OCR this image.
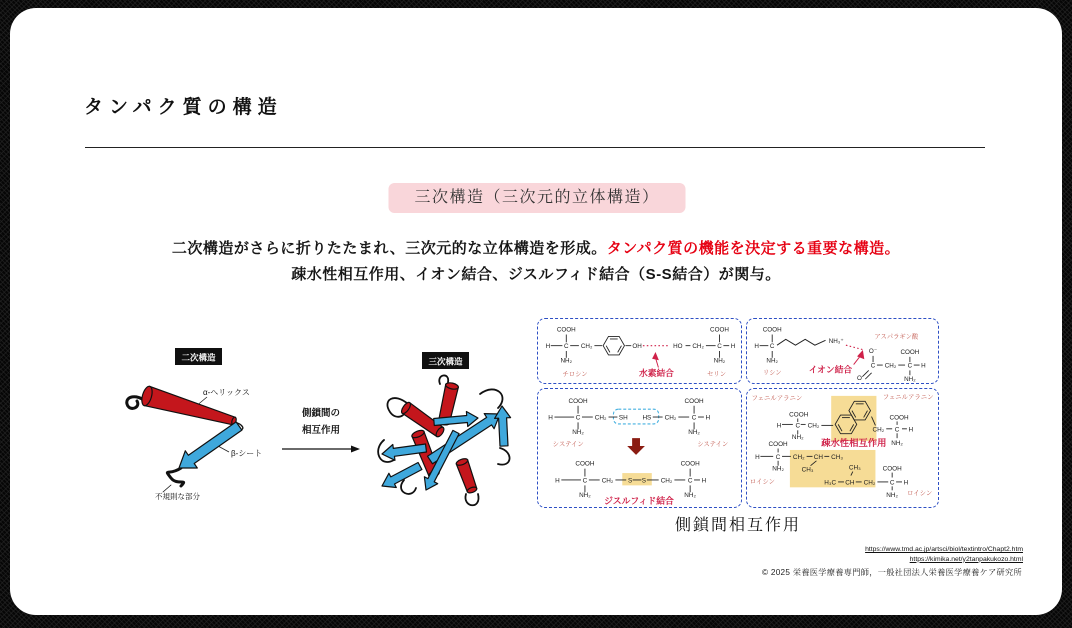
タンパク質の構造
三次構造（三次元的立体構造）

二次構造がさらに折りたたまれ、三次元的な立体構造を形成。タンパク質の機能を決定する重要な構造。
疎水性相互作用、イオン結合、ジスルフィド結合（S-S結合）が関与。

二次構造
α-ヘリックス
β-シート
不規則な部分
側鎖間の
相互作用
三次構造
COOH
H C CH₂	OH
NH₂
HO CH₂ C H
COOH
NH₂
チロシン	水素結合	セリン
COOH
H C
NH₃⁺
NH₂
リシン	イオン結合
アスパラギン酸
O⁻
C
O
CH₂ C H
COOH
NH₂
COOH
H	C CH₂ SH
NH₂
システイン
HS CH₂ C H
COOH
NH₂
システイン
COOH
H	C CH₂ S S CH₂ C H
NH₂
COOH
NH₂
ジスルフィド結合
フェニルアラニン	フェニルアラニン
COOH
H C CH₂
NH₂
CH₂ C H
COOH
NH₂
疎水性相互作用
COOH
H C CH₂ CH CH₃
NH₂	CH₃
ロイシン
CH₃	COOH
H₃C CH CH₂ C H
NH₂ ロイシン
側鎖間相互作用
https://www.tmd.ac.jp/artsci/biol/textintro/Chapt2.htm
https://kimika.net/y2tanpakukozo.html
© 2025 栄養医学療養専門師，一般社団法人栄養医学療養ケア研究所
